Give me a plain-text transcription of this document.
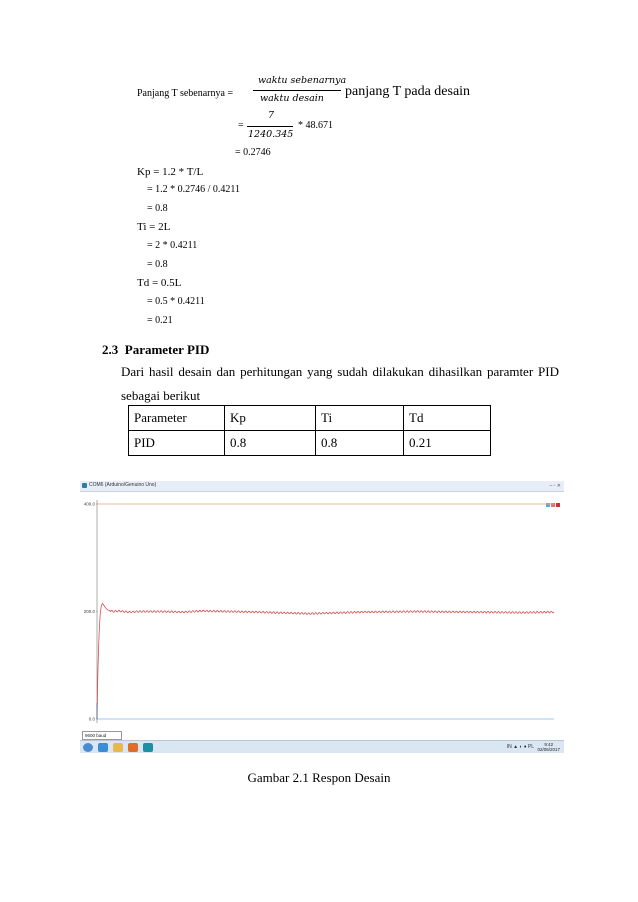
Panjang T sebenarnya =
waktu sebenarnya
waktu desain panjang T pada desain
=
7
1240.345
* 48.671
= 0.2746
Kp = 1.2 * T/L
= 1.2 * 0.2746 / 0.4211
= 0.8
Ti = 2L
= 2 * 0.4211
= 0.8
Td = 0.5L
= 0.5 * 0.4211
= 0.21
2.3 Parameter PID
Dari hasil desain dan perhitungan yang sudah dilakukan dihasilkan paramter PID sebagai berikut
Parameter	Kp	Ti	Td
PID	0.8	0.8	0.21
COM6 (Arduino/Genuino Uno)	– ▫ ✕
400.0
200.0
0.0
9600 baud
IN ▲ ◐ ♦ PL	9:42
02/06/2017
Gambar 2.1 Respon Desain
